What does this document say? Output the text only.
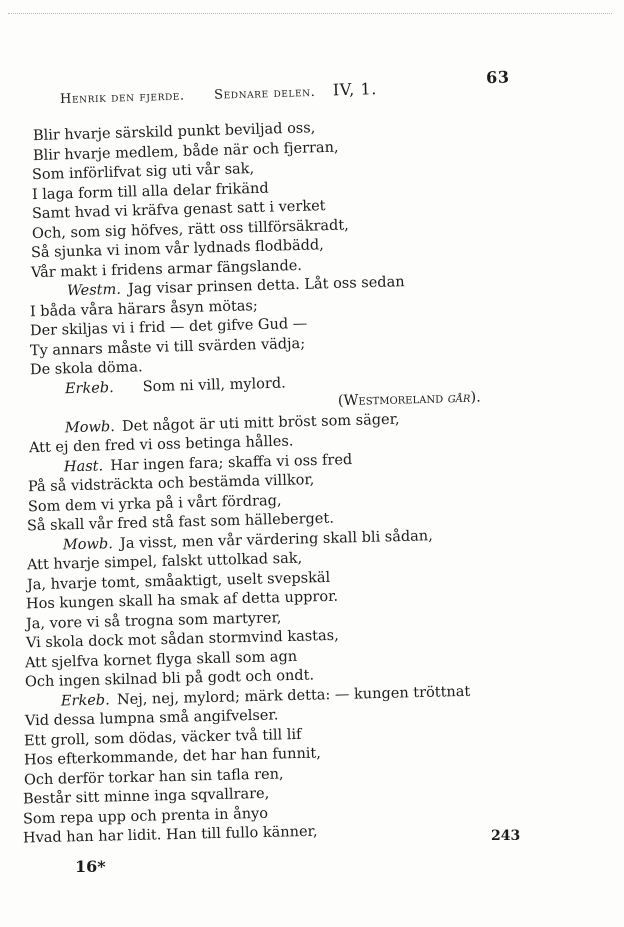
Henrik den fjerde. Sednare delen. IV, 1.
63
Blir hvarje särskild punkt beviljad oss,
Blir hvarje medlem, både när och fjerran,
Som införlifvat sig uti vår sak,
I laga form till alla delar frikänd
Samt hvad vi kräfva genast satt i verket
Och, som sig höfves, rätt oss tillförsäkradt,
Så sjunka vi inom vår lydnads flodbädd,
Vår makt i fridens armar fängslande.
Westm.  Jag visar prinsen detta. Låt oss sedan
I båda våra härars åsyn mötas;
Der skiljas vi i frid — det gifve Gud —
Ty annars måste vi till svärden vädja;
De skola döma.
Erkeb.   Som ni vill, mylord.
(Westmoreland går).
Mowb.  Det något är uti mitt bröst som säger,
Att ej den fred vi oss betinga hålles.
Hast.  Har ingen fara; skaffa vi oss fred
På så vidsträckta och bestämda villkor,
Som dem vi yrka på i vårt fördrag,
Så skall vår fred stå fast som hälleberget.
Mowb.  Ja visst, men vår värdering skall bli sådan,
Att hvarje simpel, falskt uttolkad sak,
Ja, hvarje tomt, småaktigt, uselt svepskäl
Hos kungen skall ha smak af detta uppror.
Ja, vore vi så trogna som martyrer,
Vi skola dock mot sådan stormvind kastas,
Att sjelfva kornet flyga skall som agn
Och ingen skilnad bli på godt och ondt.
Erkeb.  Nej, nej, mylord; märk detta: — kungen tröttnat
Vid dessa lumpna små angifvelser.
Ett groll, som dödas, väcker två till lif
Hos efterkommande, det har han funnit,
Och derför torkar han sin tafla ren,
Består sitt minne inga sqvallrare,
Som repa upp och prenta in ånyo
Hvad han har lidit. Han till fullo känner,	243
16*
